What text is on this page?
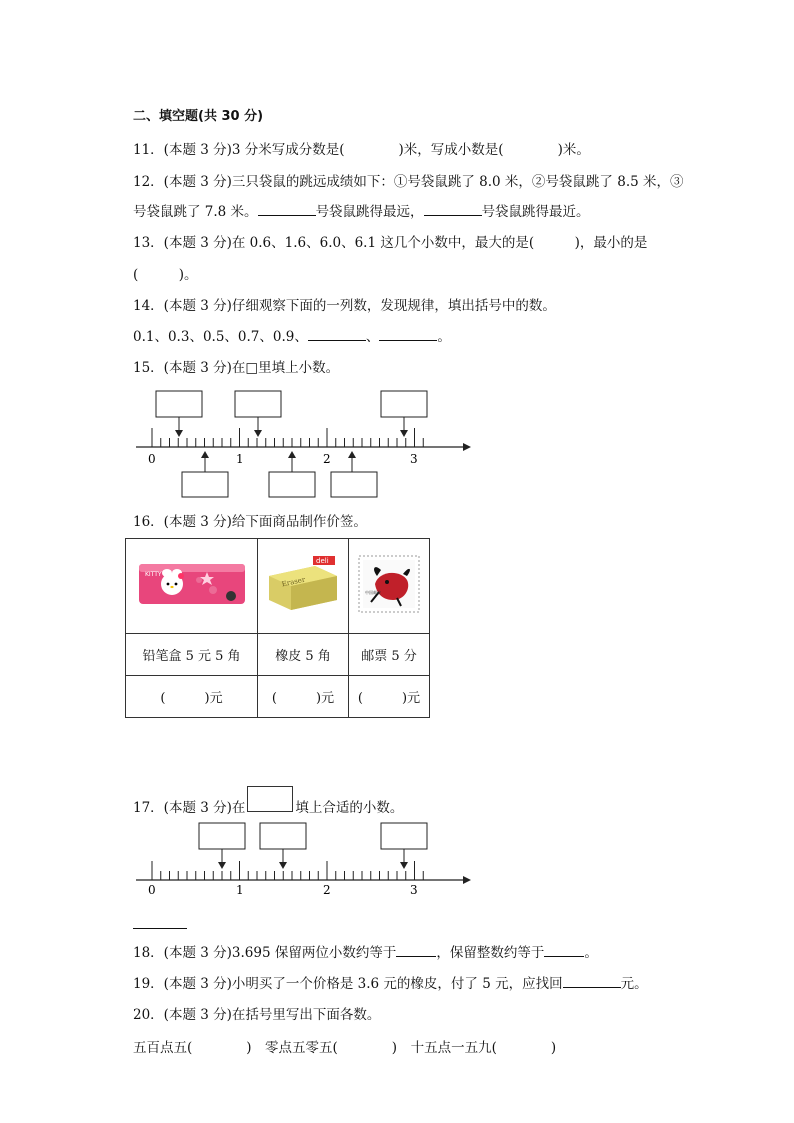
二、填空题(共 30 分)
11．(本题 3 分)3 分米写成分数是(　　　　)米，写成小数是(　　　　)米。
12．(本题 3 分)三只袋鼠的跳远成绩如下：①号袋鼠跳了 8.0 米，②号袋鼠跳了 8.5 米，③
号袋鼠跳了 7.8 米。	号袋鼠跳得最远，	号袋鼠跳得最近。
13．(本题 3 分)在 0.6、1.6、6.0、6.1 这几个小数中，最大的是(　　　)，最小的是
(　　　)。
14．(本题 3 分)仔细观察下面的一列数，发现规律，填出括号中的数。
0.1、0.3、0.5、0.7、0.9、	、	。
15．(本题 3 分)在□里填上小数。
0	1	2	3
16．(本题 3 分)给下面商品制作价签。
KITTY	Eraser
deli	中国邮政

铅笔盒 5 元 5 角	橡皮 5 角	邮票 5 分
(　　　)元	(　　　)元	(　　　)元
17．(本题 3 分)在	填上合适的小数。
0	1	2	3
18．(本题 3 分)3.695 保留两位小数约等于	，保留整数约等于	。
19．(本题 3 分)小明买了一个价格是 3.6 元的橡皮，付了 5 元，应找回	元。
20．(本题 3 分)在括号里写出下面各数。
五百点五(　　　　)　零点五零五(　　　　)　十五点一五九(　　　　)
